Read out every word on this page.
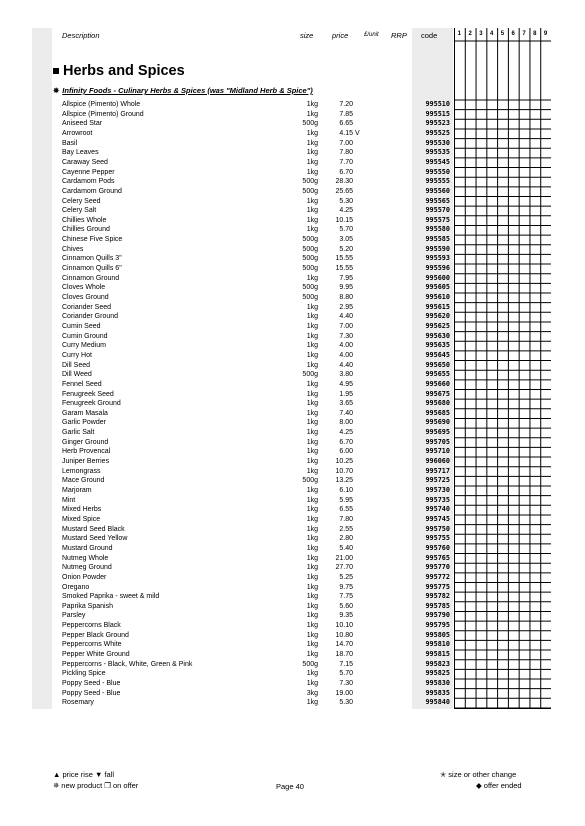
Description	size price	£/unit RRP code
Herbs and Spices
✵ Infinity Foods - Culinary Herbs & Spices (was "Midland Herb & Spice")
Allspice (Pimento) Whole	1kg	7.20	995510
Allspice (Pimento) Ground	1kg	7.85	995515
Aniseed Star	500g	6.65	995523
Arrowroot	1kg	4.15 V	995525
Basil	1kg	7.00	995530
Bay Leaves	1kg	7.80	995535
Caraway Seed	1kg	7.70	995545
Cayenne Pepper	1kg	6.70	995550
Cardamom Pods	500g	28.30	995555
Cardamom Ground	500g	25.65	995560
Celery Seed	1kg	5.30	995565
Celery Salt	1kg	4.25	995570
Chillies Whole	1kg	10.15	995575
Chillies Ground	1kg	5.70	995580
Chinese Five Spice	500g	3.05	995585
Chives	500g	5.20	995590
Cinnamon Quills 3"	500g	15.55	995593
Cinnamon Quills 6"	500g	15.55	995596
Cinnamon Ground	1kg	7.95	995600
Cloves Whole	500g	9.95	995605
Cloves Ground	500g	8.80	995610
Coriander Seed	1kg	2.95	995615
Coriander Ground	1kg	4.40	995620
Cumin Seed	1kg	7.00	995625
Cumin Ground	1kg	7.30	995630
Curry Medium	1kg	4.00	995635
Curry Hot	1kg	4.00	995645
Dill Seed	1kg	4.40	995650
Dill Weed	500g	3.80	995655
Fennel Seed	1kg	4.95	995660
Fenugreek Seed	1kg	1.95	995675
Fenugreek Ground	1kg	3.65	995680
Garam Masala	1kg	7.40	995685
Garlic Powder	1kg	8.00	995690
Garlic Salt	1kg	4.25	995695
Ginger Ground	1kg	6.70	995705
Herb Provencal	1kg	6.00	995710
Juniper Berries	1kg	10.25	996060
Lemongrass	1kg	10.70	995717
Mace Ground	500g	13.25	995725
Marjoram	1kg	6.10	995730
Mint	1kg	5.95	995735
Mixed Herbs	1kg	6.55	995740
Mixed Spice	1kg	7.80	995745
Mustard Seed Black	1kg	2.55	995750
Mustard Seed Yellow	1kg	2.80	995755
Mustard Ground	1kg	5.40	995760
Nutmeg Whole	1kg	21.00	995765
Nutmeg Ground	1kg	27.70	995770
Onion Powder	1kg	5.25	995772
Oregano	1kg	9.75	995775
Smoked Paprika - sweet & mild	1kg	7.75	995782
Paprika Spanish	1kg	5.60	995785
Parsley	1kg	9.35	995790
Peppercorns Black	1kg	10.10	995795
Pepper Black Ground	1kg	10.80	995805
Peppercorns White	1kg	14.70	995810
Pepper White Ground	1kg	18.70	995815
Peppercorns - Black, White, Green & Pink	500g	7.15	995823
Pickling Spice	1kg	5.70	995825
Poppy Seed - Blue	1kg	7.30	995830
Poppy Seed - Blue	3kg	19.00	995835
Rosemary	1kg	5.30	995840
1	2	3	4	5	6	7	8	9
▲ price rise ▼ fall
✵ new product ❐ on offer	Page 40
✭ size or other change
◆ offer ended
